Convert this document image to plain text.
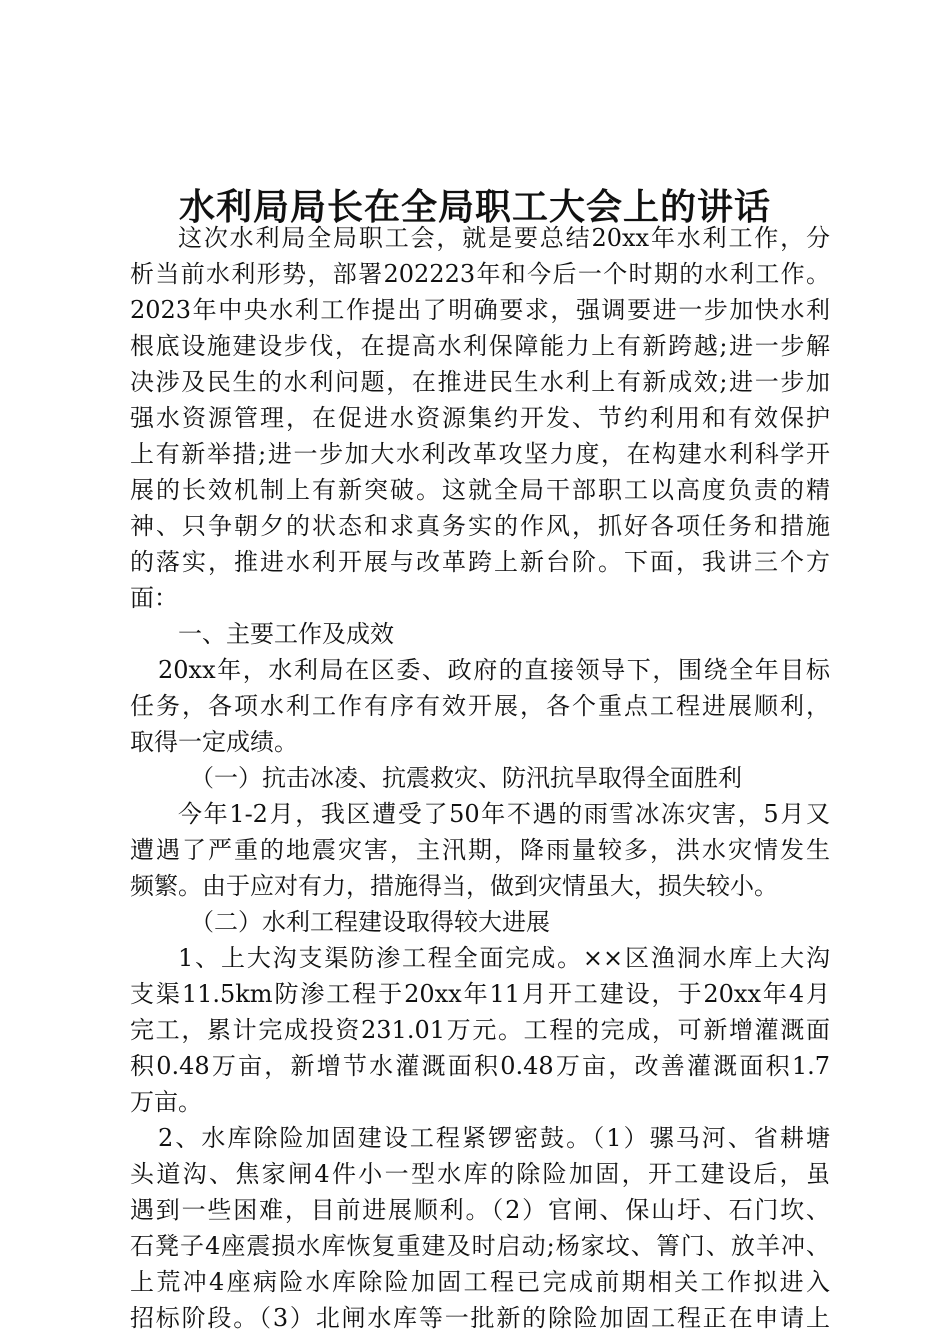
水利局局长在全局职工大会上的讲话
这次水利局全局职工会，就是要总结20xx年水利工作，分
析当前水利形势，部署202223年和今后一个时期的水利工作。
2023年中央水利工作提出了明确要求，强调要进一步加快水利
根底设施建设步伐，在提高水利保障能力上有新跨越;进一步解
决涉及民生的水利问题，在推进民生水利上有新成效;进一步加
强水资源管理，在促进水资源集约开发、节约利用和有效保护
上有新举措;进一步加大水利改革攻坚力度，在构建水利科学开
展的长效机制上有新突破。这就全局干部职工以高度负责的精
神、只争朝夕的状态和求真务实的作风，抓好各项任务和措施
的落实，推进水利开展与改革跨上新台阶。下面，我讲三个方
面：
一、主要工作及成效
20xx年，水利局在区委、政府的直接领导下，围绕全年目标
任务，各项水利工作有序有效开展，各个重点工程进展顺利，
取得一定成绩。
（一）抗击冰凌、抗震救灾、防汛抗旱取得全面胜利
今年1-2月，我区遭受了50年不遇的雨雪冰冻灾害，5月又
遭遇了严重的地震灾害，主汛期，降雨量较多，洪水灾情发生
频繁。由于应对有力，措施得当，做到灾情虽大，损失较小。
（二）水利工程建设取得较大进展
1、上大沟支渠防渗工程全面完成。××区渔洞水库上大沟
支渠11.5km防渗工程于20xx年11月开工建设，于20xx年4月
完工，累计完成投资231.01万元。工程的完成，可新增灌溉面
积0.48万亩，新增节水灌溉面积0.48万亩，改善灌溉面积1.7
万亩。
2、水库除险加固建设工程紧锣密鼓。（1）骡马河、省耕塘
头道沟、焦家闸4件小一型水库的除险加固，开工建设后，虽
遇到一些困难，目前进展顺利。（2）官闸、保山圩、石门坎、
石凳子4座震损水库恢复重建及时启动;杨家坟、箐门、放羊冲、
上荒冲4座病险水库除险加固工程已完成前期相关工作拟进入
招标阶段。（3）北闸水库等一批新的除险加固工程正在申请上
